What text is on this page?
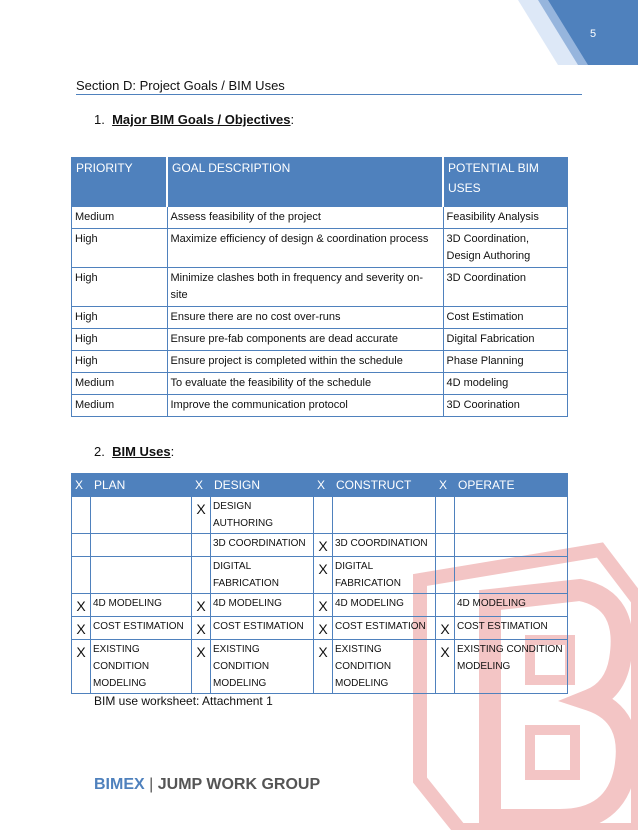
5
Section D: Project Goals / BIM Uses
1. Major BIM Goals / Objectives:
PRIORITY	GOAL DESCRIPTION	POTENTIAL BIM USES
Medium	Assess feasibility of the project	Feasibility Analysis
High	Maximize efficiency of design & coordination process	3D Coordination, Design Authoring
High	Minimize clashes both in frequency and severity on-site	3D Coordination
High	Ensure there are no cost over-runs	Cost Estimation
High	Ensure pre-fab components are dead accurate	Digital Fabrication
High	Ensure project is completed within the schedule	Phase Planning
Medium	To evaluate the feasibility of the schedule	4D modeling
Medium	Improve the communication protocol	3D Coorination
2. BIM Uses:
X	PLAN	X	DESIGN	X	CONSTRUCT	X	OPERATE
		X	DESIGN AUTHORING				
			3D COORDINATION	X	3D COORDINATION		
			DIGITAL FABRICATION	X	DIGITAL FABRICATION		
X	4D MODELING	X	4D MODELING	X	4D MODELING		4D MODELING
X	COST ESTIMATION	X	COST ESTIMATION	X	COST ESTIMATION	X	COST ESTIMATION
X	EXISTING CONDITION MODELING	X	EXISTING CONDITION MODELING	X	EXISTING CONDITION MODELING	X	EXISTING CONDITION MODELING
BIM use worksheet: Attachment 1
BIMEX | JUMP WORK GROUP
